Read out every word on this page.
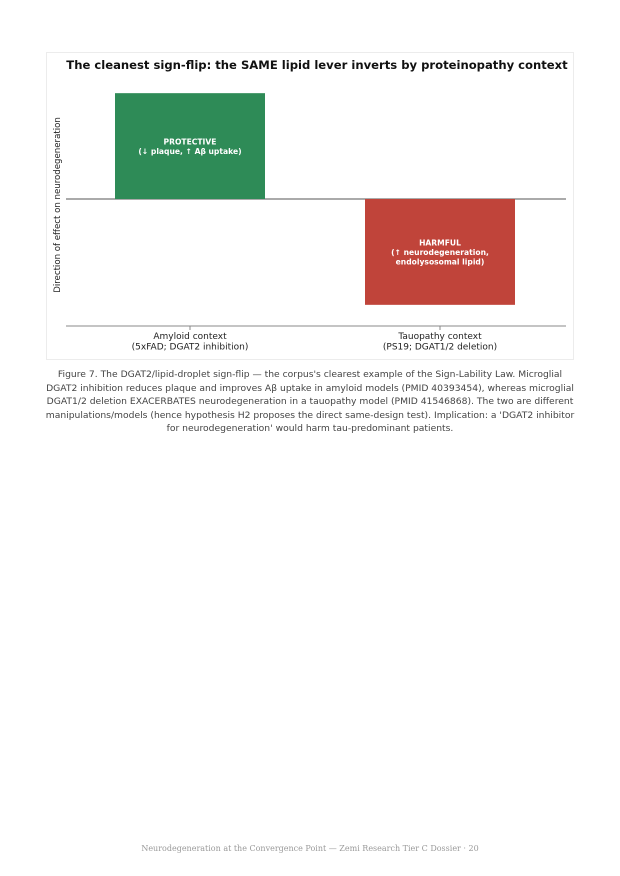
The cleanest sign-flip: the SAME lipid lever inverts by proteinopathy context
Direction of effect on neurodegeneration	PROTECTIVE
(↓ plaque, ↑ Aβ uptake)
Amyloid context
(5xFAD; DGAT2 inhibition)
HARMFUL
(↑ neurodegeneration,
endolysosomal lipid)
Tauopathy context
(PS19; DGAT1/2 deletion)
Figure 7. The DGAT2/lipid-droplet sign-flip — the corpus's clearest example of the Sign-Lability Law. Microglial DGAT2 inhibition reduces plaque and improves Aβ uptake in amyloid models (PMID 40393454), whereas microglial DGAT1/2 deletion EXACERBATES neurodegeneration in a tauopathy model (PMID 41546868). The two are different manipulations/models (hence hypothesis H2 proposes the direct same-design test). Implication: a 'DGAT2 inhibitor for neurodegeneration' would harm tau-predominant patients.
Neurodegeneration at the Convergence Point — Zemi Research Tier C Dossier · 20
